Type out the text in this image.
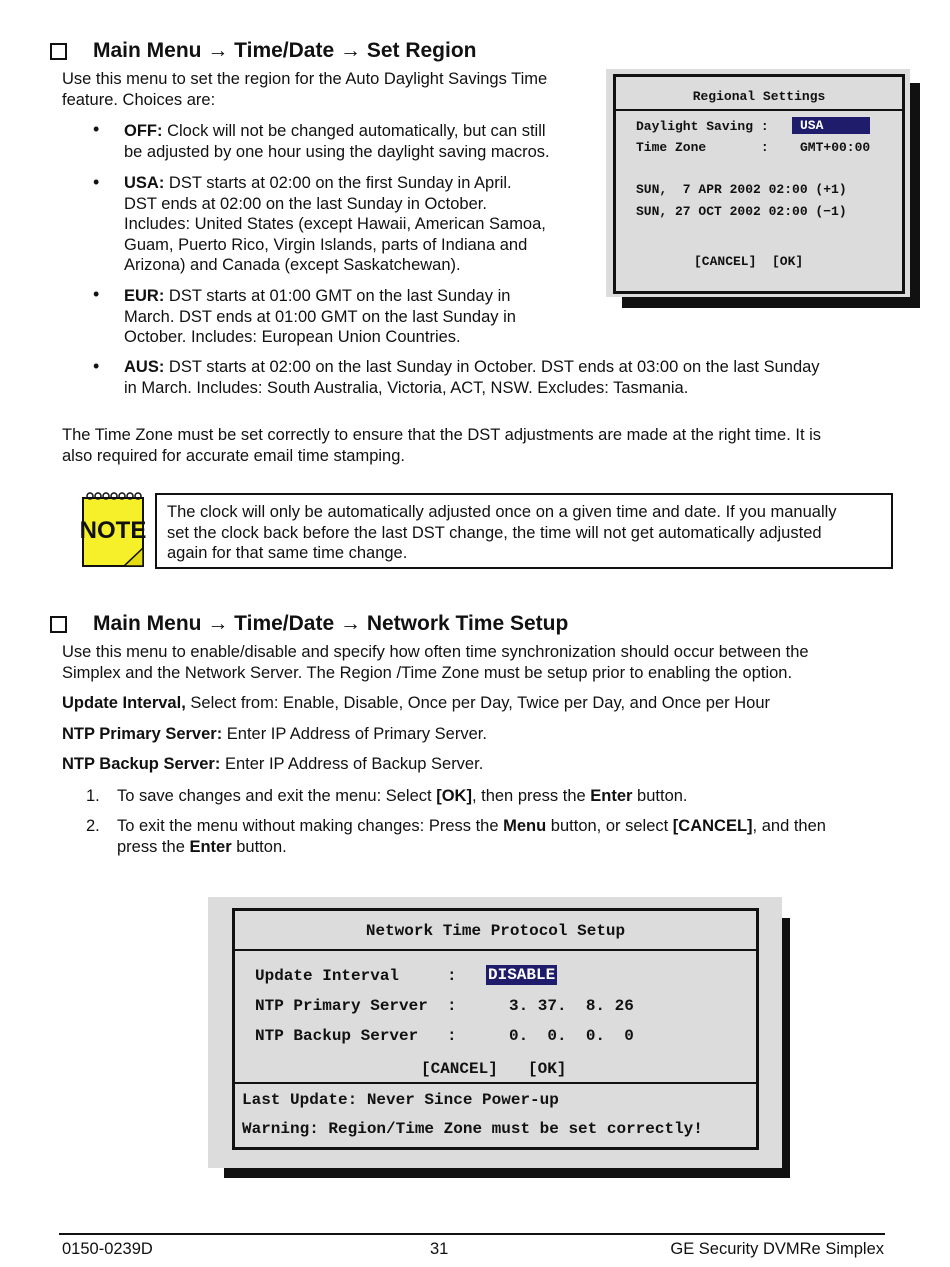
Main Menu → Time/Date → Set Region
Use this menu to set the region for the Auto Daylight Savings Time
feature. Choices are:
• OFF: Clock will not be changed automatically, but can still
be adjusted by one hour using the daylight saving macros.
• USA: DST starts at 02:00 on the first Sunday in April.
DST ends at 02:00 on the last Sunday in October.
Includes: United States (except Hawaii, American Samoa,
Guam, Puerto Rico, Virgin Islands, parts of Indiana and
Arizona) and Canada (except Saskatchewan).
• EUR: DST starts at 01:00 GMT on the last Sunday in
March. DST ends at 01:00 GMT on the last Sunday in
October. Includes: European Union Countries.
• AUS: DST starts at 02:00 on the last Sunday in October. DST ends at 03:00 on the last Sunday
in March. Includes: South Australia, Victoria, ACT, NSW. Excludes: Tasmania.
The Time Zone must be set correctly to ensure that the DST adjustments are made at the right time. It is
also required for accurate email time stamping.
Regional Settings
Daylight Saving :	USA
Time Zone       : GMT+00:00
SUN,  7 APR 2002 02:00 (+1)
SUN, 27 OCT 2002 02:00 (−1)
[CANCEL] [OK]
NOTE
The clock will only be automatically adjusted once on a given time and date. If you manually
set the clock back before the last DST change, the time will not get automatically adjusted
again for that same time change.
Main Menu → Time/Date → Network Time Setup
Use this menu to enable/disable and specify how often time synchronization should occur between the
Simplex and the Network Server. The Region /Time Zone must be setup prior to enabling the option.
Update Interval, Select from: Enable, Disable, Once per Day, Twice per Day, and Once per Hour
NTP Primary Server: Enter IP Address of Primary Server.
NTP Backup Server: Enter IP Address of Backup Server.
1. To save changes and exit the menu: Select [OK], then press the Enter button.
2. To exit the menu without making changes: Press the Menu button, or select [CANCEL], and then
press the Enter button.
Network Time Protocol Setup
Update Interval     : DISABLE
NTP Primary Server  :	3. 37.  8. 26
NTP Backup Server   :	0.  0.  0.  0
[CANCEL] [OK]
Last Update: Never Since Power-up
Warning: Region/Time Zone must be set correctly!
0150-0239D	31	GE Security DVMRe Simplex
